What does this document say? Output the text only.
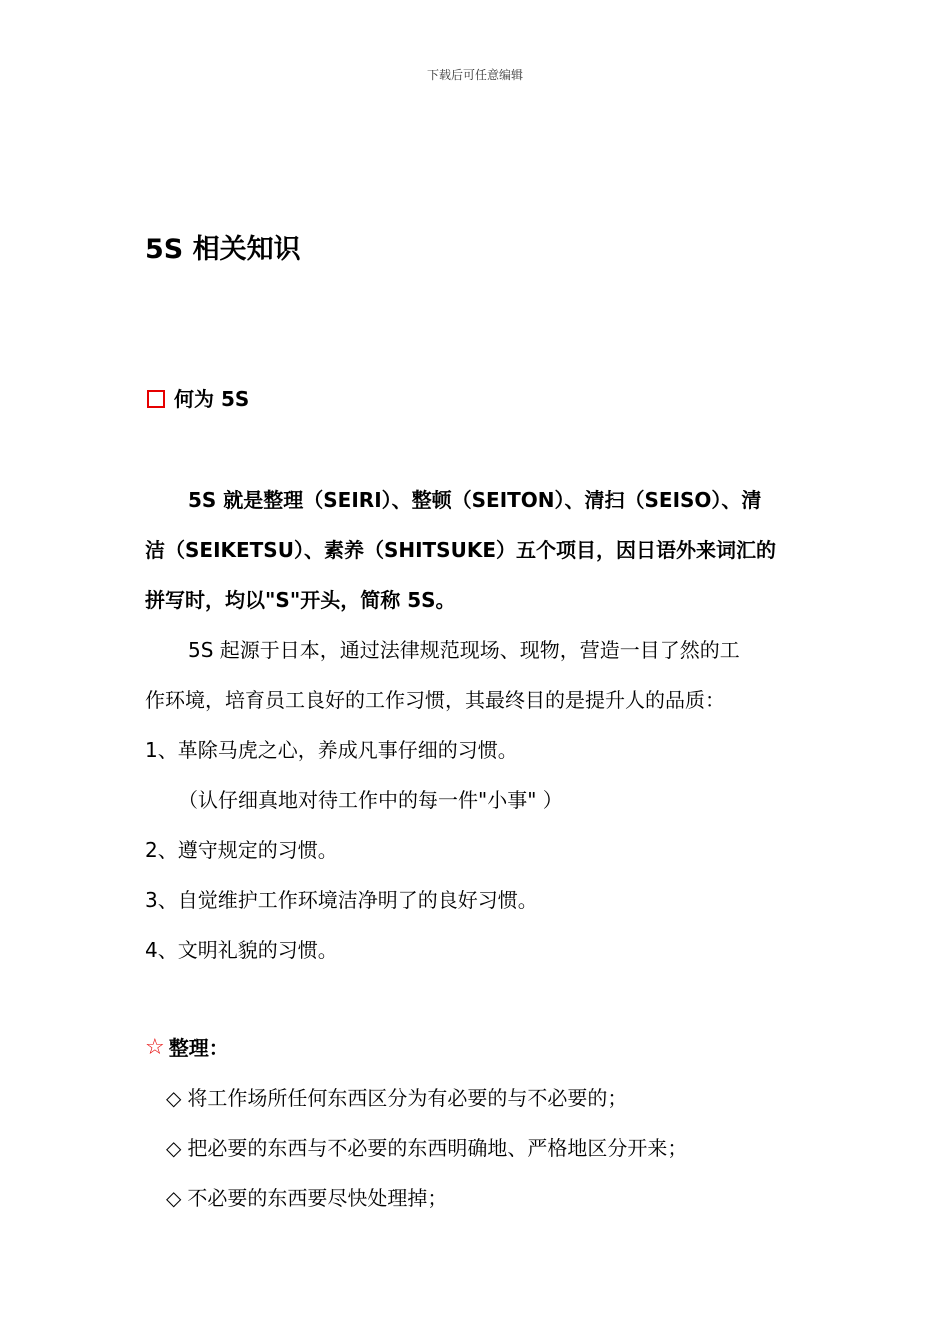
下载后可任意编辑
5S 相关知识
何为 5S
5S 就是整理（SEIRI）、整顿（SEITON）、清扫（SEISO）、清
洁（SEIKETSU）、素养（SHITSUKE）五个项目，因日语外来词汇的
拼写时，均以"S"开头，简称 5S。
5S 起源于日本，通过法律规范现场、现物，营造一目了然的工
作环境，培育员工良好的工作习惯，其最终目的是提升人的品质：
1、革除马虎之心，养成凡事仔细的习惯。
（认仔细真地对待工作中的每一件"小事" ）
2、遵守规定的习惯。
3、自觉维护工作环境洁净明了的良好习惯。
4、文明礼貌的习惯。
☆ 整理：
◇ 将工作场所任何东西区分为有必要的与不必要的；
◇ 把必要的东西与不必要的东西明确地、严格地区分开来；
◇ 不必要的东西要尽快处理掉；
